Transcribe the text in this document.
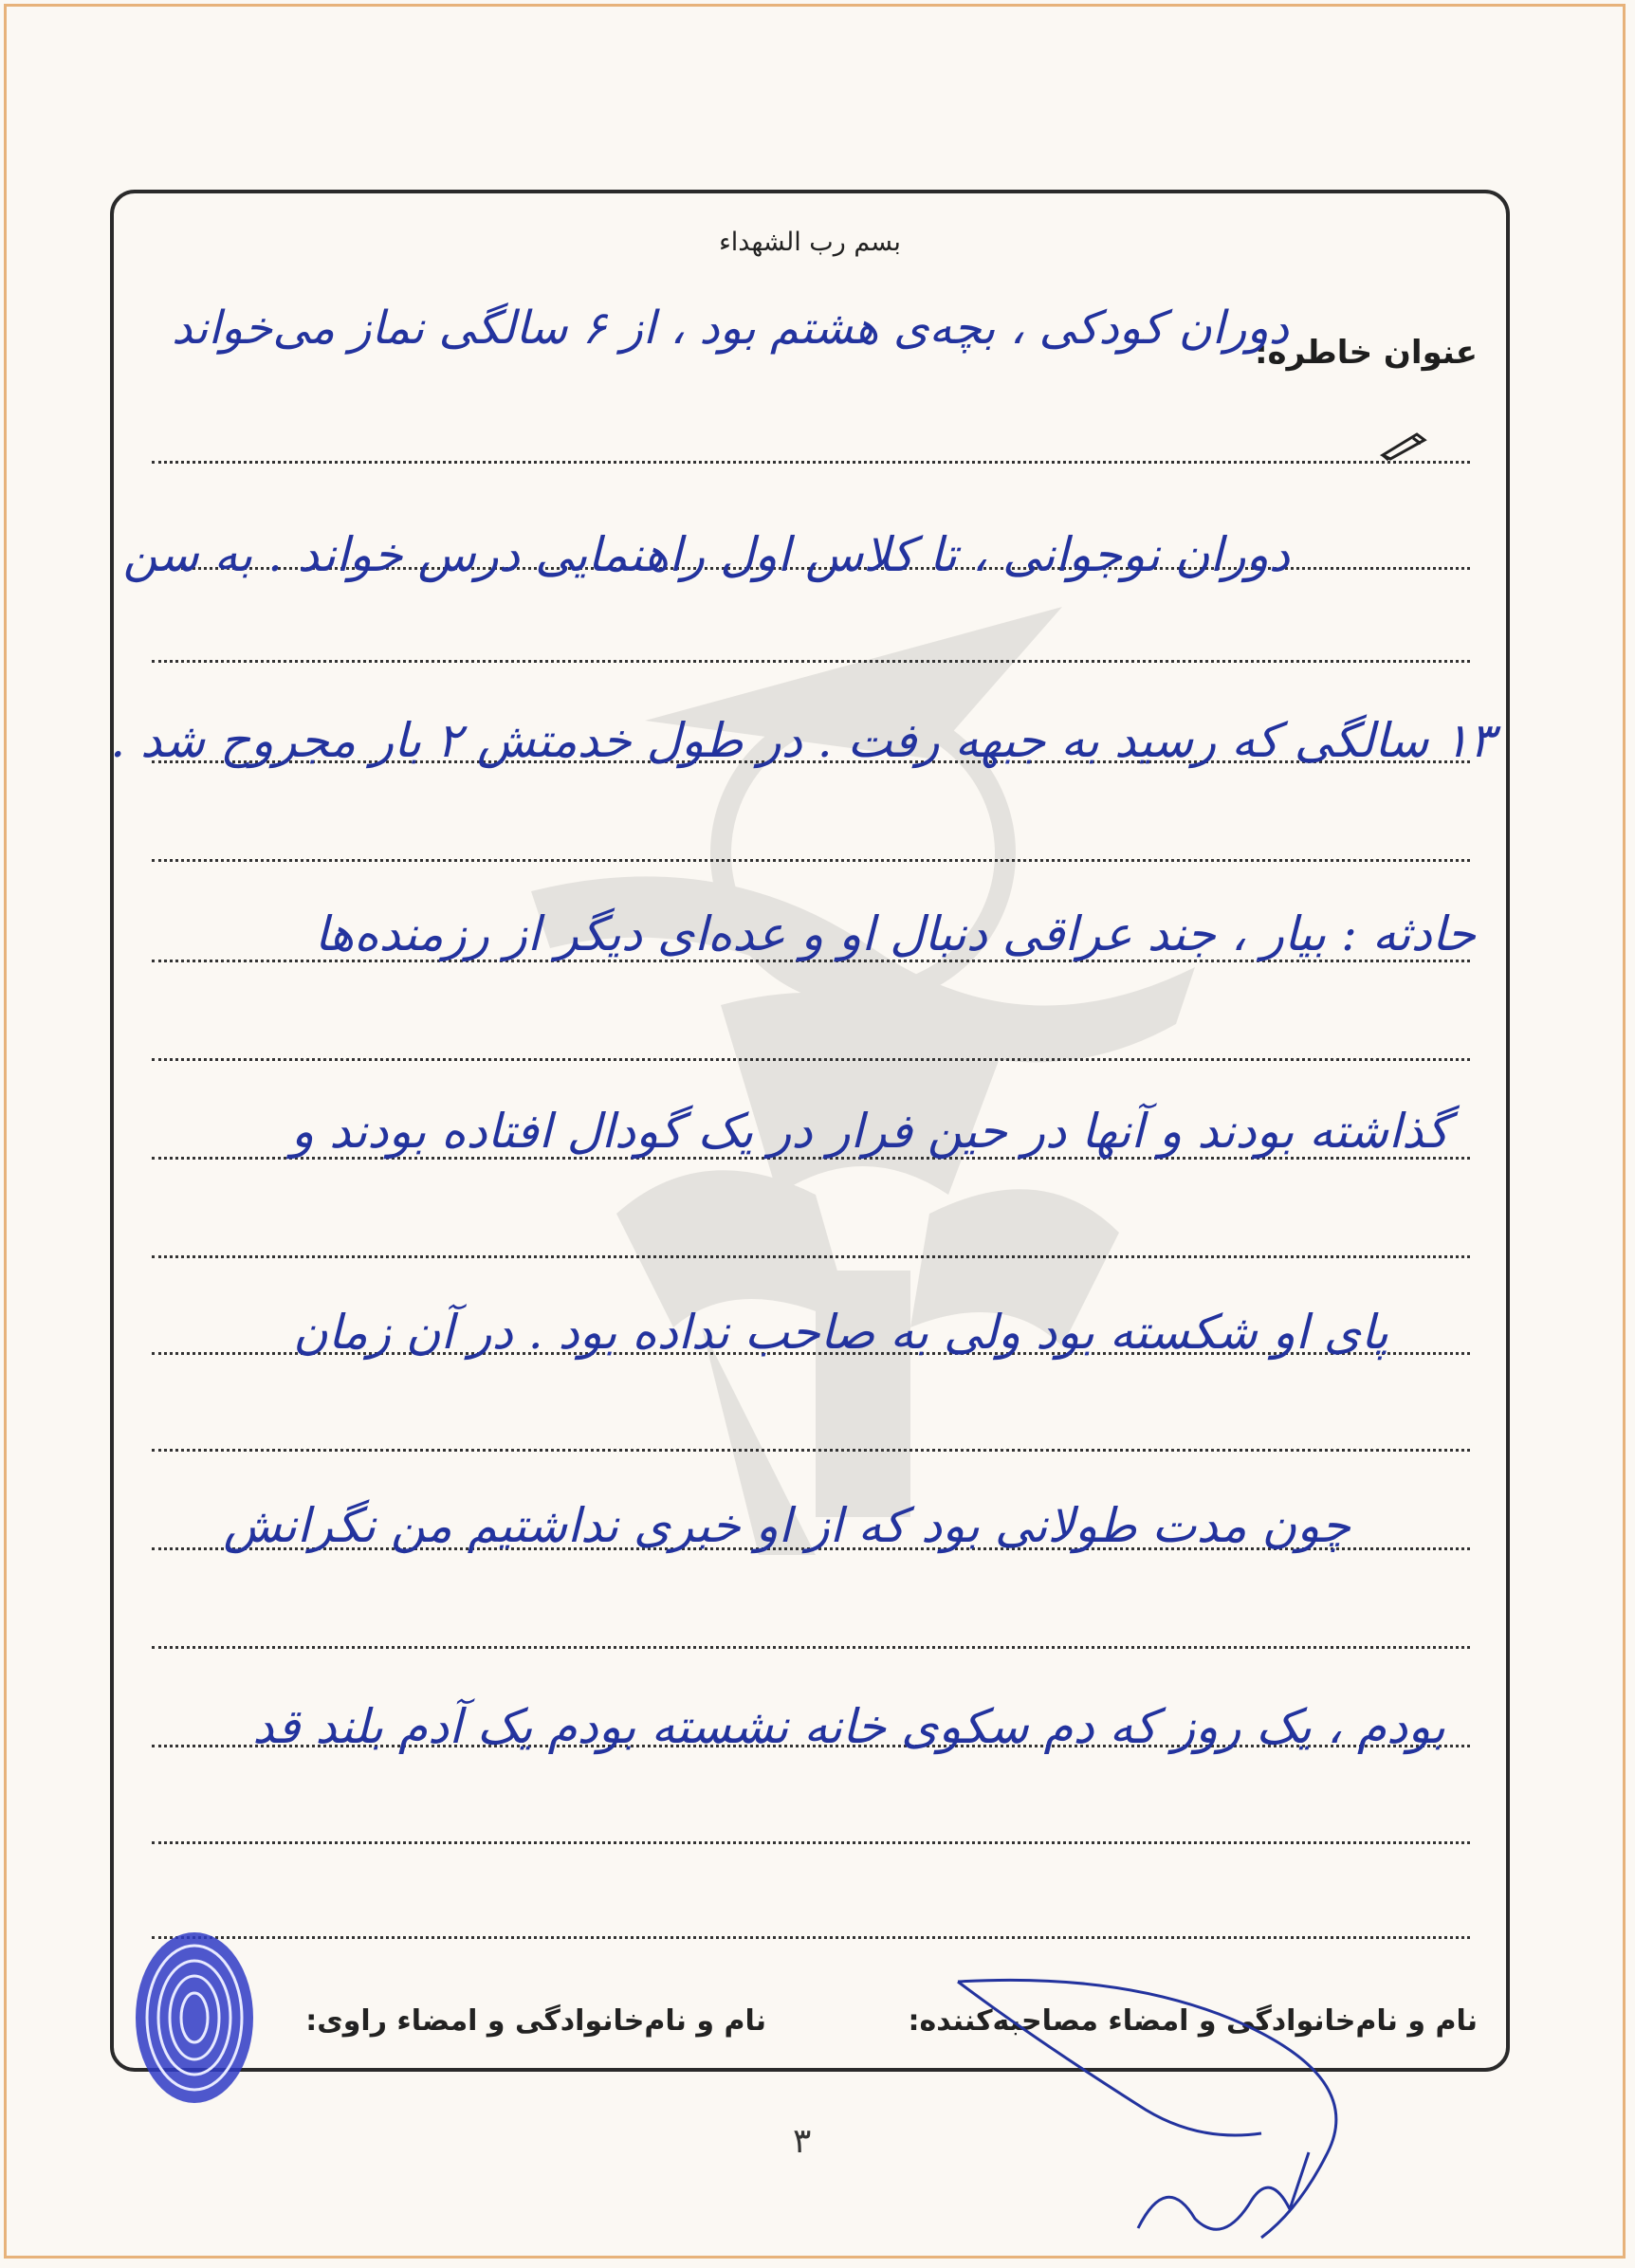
بسم رب الشهداء
عنوان خاطره:
دوران کودکی ، بچه‌ی هشتم بود ، از ۶ سالگی نماز می‌خواند
دوران نوجوانی ، تا کلاس اول راهنمایی درس خواند . به سن
۱۳ سالگی که رسید به جبهه رفت . در طول خدمتش ۲ بار مجروح شد .
حادثه : بیار ، جند عراقی دنبال او و عده‌ای دیگر از رزمنده‌ها
گذاشته بودند و آنها در حین فرار در یک گودال افتاده بودند و
پای او شکسته بود ولی به صاحب نداده بود . در آن زمان
چون مدت طولانی بود که از او خبری نداشتیم من نگرانش
بودم ، یک روز که دم سکوی خانه نشسته بودم یک آدم بلند قد
نام و نام‌خانوادگی و امضاء مصاحبه‌کننده:
نام و نام‌خانوادگی و امضاء راوی:
۳
